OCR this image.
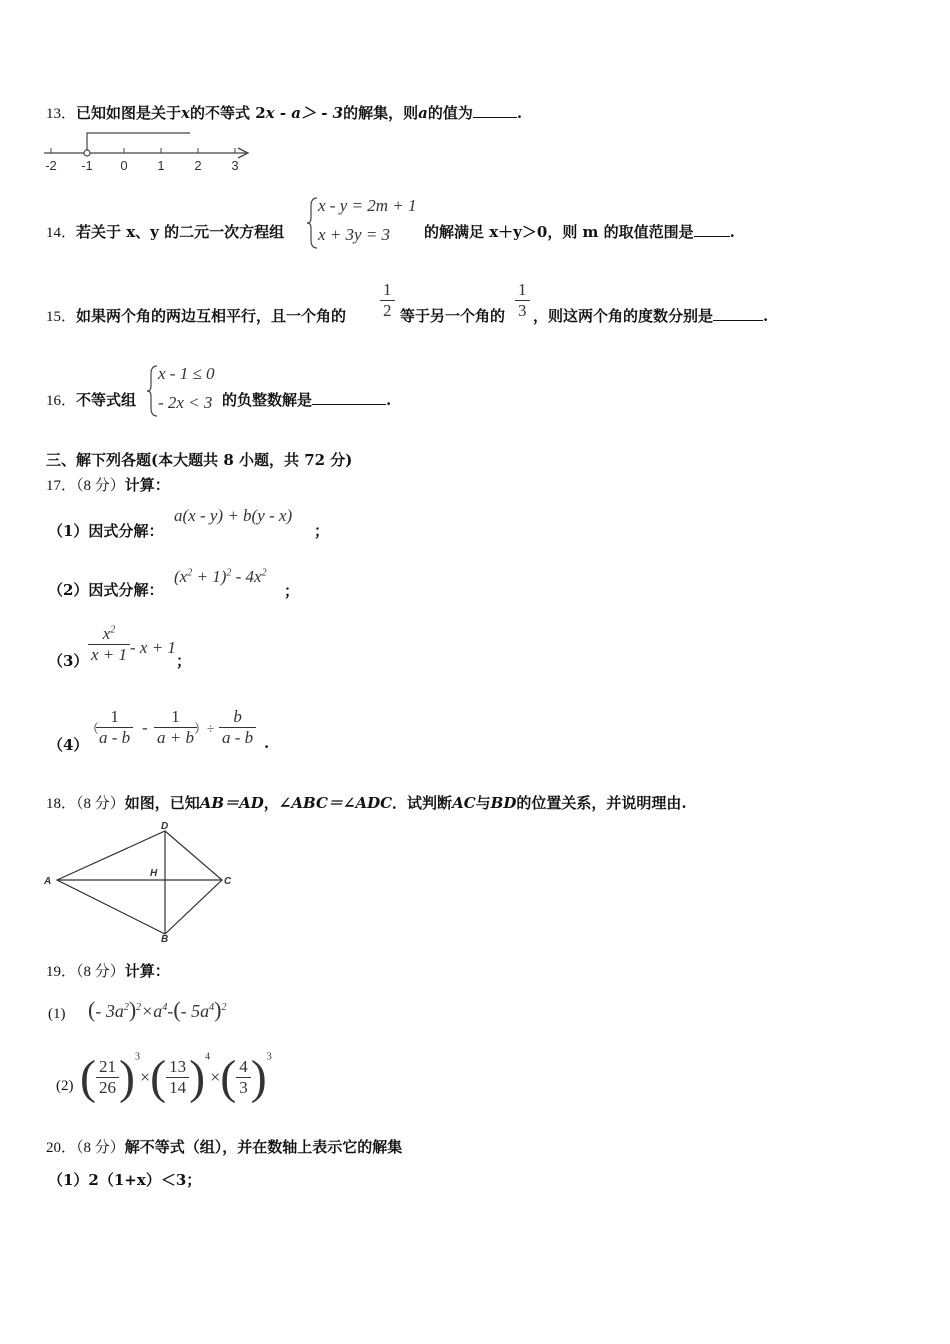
13．已知如图是关于x的不等式 2x ‐ a＞ ‐ 3的解集，则a的值为	.
-2 -1 0 1 2 3
14．若关于 x、y 的二元一次方程组
x - y = 2m + 1
x + 3y = 3 的解满足 x＋y＞0，则 m 的取值范围是 .
15．如果两个角的两边互相平行，且一个角的 $\frac{1}{2}$ 等于另一个角的 $\frac{1}{3}$ ，则这两个角的度数分别是	.
16．不等式组
x - 1 ≤ 0
- 2x < 3 的负整数解是	.
三、解下列各题(本大题共 8 小题，共 72 分)
17．（8 分）计算：
（1）因式分解：
a(x - y) + b(y - x)
；
（2）因式分解：
$(x^2 + 1)^2 - 4x^2$
；
$(3) \frac{x^2}{x + 1} - x + 1$
；
（4）
（
$\frac{1}{a - b} - \frac{1}{a + b}$
）÷ $\frac{b}{a - b}$ .
18．（8 分）如图，已知AB＝AD，∠ABC＝∠ADC．试判断AC与BD的位置关系，并说明理由.
A
B
C
D
H
19．（8 分）计算：
(1) (- $3a^2)^2\times a^4-(-$ $5a^4)^2$
(2) ( $\frac{21}{26} )^3\times( \frac{13}{14} )^4\times( \frac{4}{3} )^3$
20．（8 分）解不等式（组），并在数轴上表示它的解集
（1）2（1+x）＜3；
